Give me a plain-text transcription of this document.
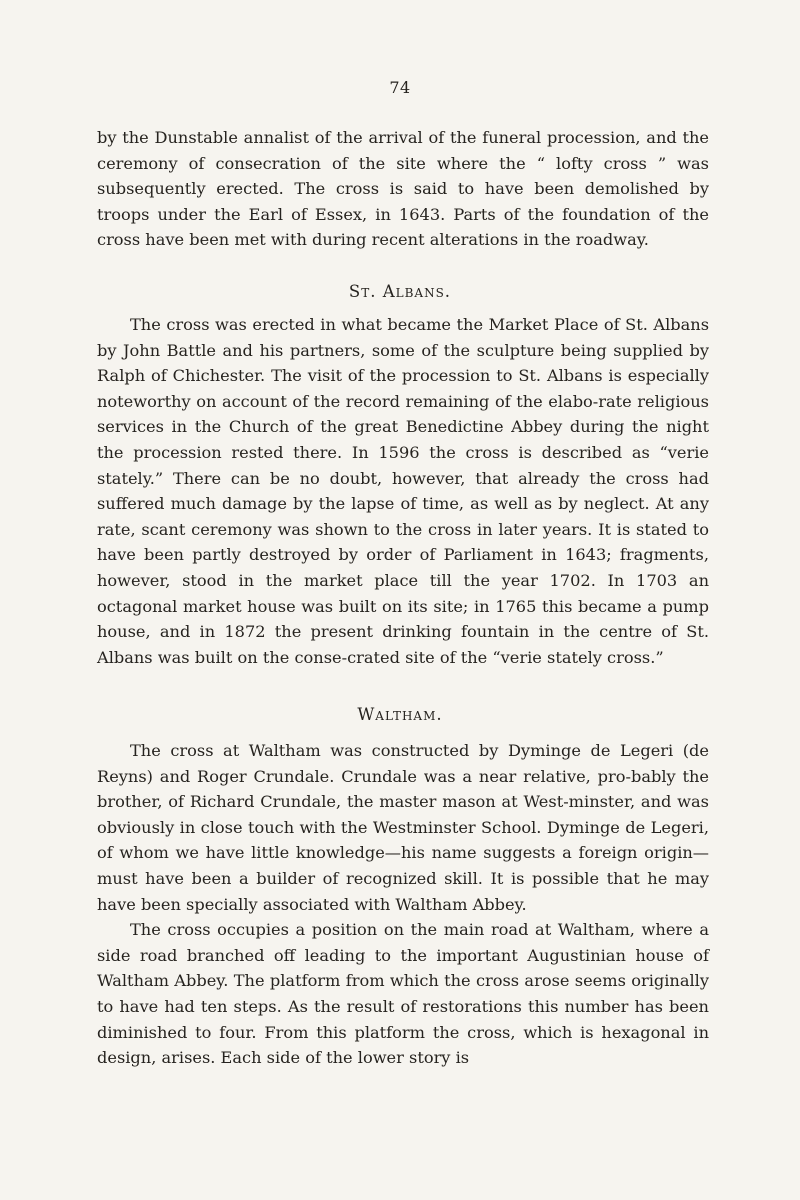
74

by the Dunstable annalist of the arrival of the funeral procession, and the ceremony of consecration of the site where the “ lofty cross ” was subsequently erected. The cross is said to have been demolished by troops under the Earl of Essex, in 1643. Parts of the foundation of the cross have been met with during recent alterations in the roadway.

St. Albans.

The cross was erected in what became the Market Place of St. Albans by John Battle and his partners, some of the sculpture being supplied by Ralph of Chichester. The visit of the procession to St. Albans is especially noteworthy on account of the record remaining of the elabo-rate religious services in the Church of the great Benedictine Abbey during the night the procession rested there. In 1596 the cross is described as “verie stately.” There can be no doubt, however, that already the cross had suffered much damage by the lapse of time, as well as by neglect. At any rate, scant ceremony was shown to the cross in later years. It is stated to have been partly destroyed by order of Parliament in 1643; fragments, however, stood in the market place till the year 1702. In 1703 an octagonal market house was built on its site; in 1765 this became a pump house, and in 1872 the present drinking fountain in the centre of St. Albans was built on the conse-crated site of the “verie stately cross.”

Waltham.

The cross at Waltham was constructed by Dyminge de Legeri (de Reyns) and Roger Crundale. Crundale was a near relative, pro-bably the brother, of Richard Crundale, the master mason at West-minster, and was obviously in close touch with the Westminster School. Dyminge de Legeri, of whom we have little knowledge—his name suggests a foreign origin—must have been a builder of recognized skill. It is possible that he may have been specially associated with Waltham Abbey.

The cross occupies a position on the main road at Waltham, where a side road branched off leading to the important Augustinian house of Waltham Abbey. The platform from which the cross arose seems originally to have had ten steps. As the result of restorations this number has been diminished to four. From this platform the cross, which is hexagonal in design, arises. Each side of the lower story is
